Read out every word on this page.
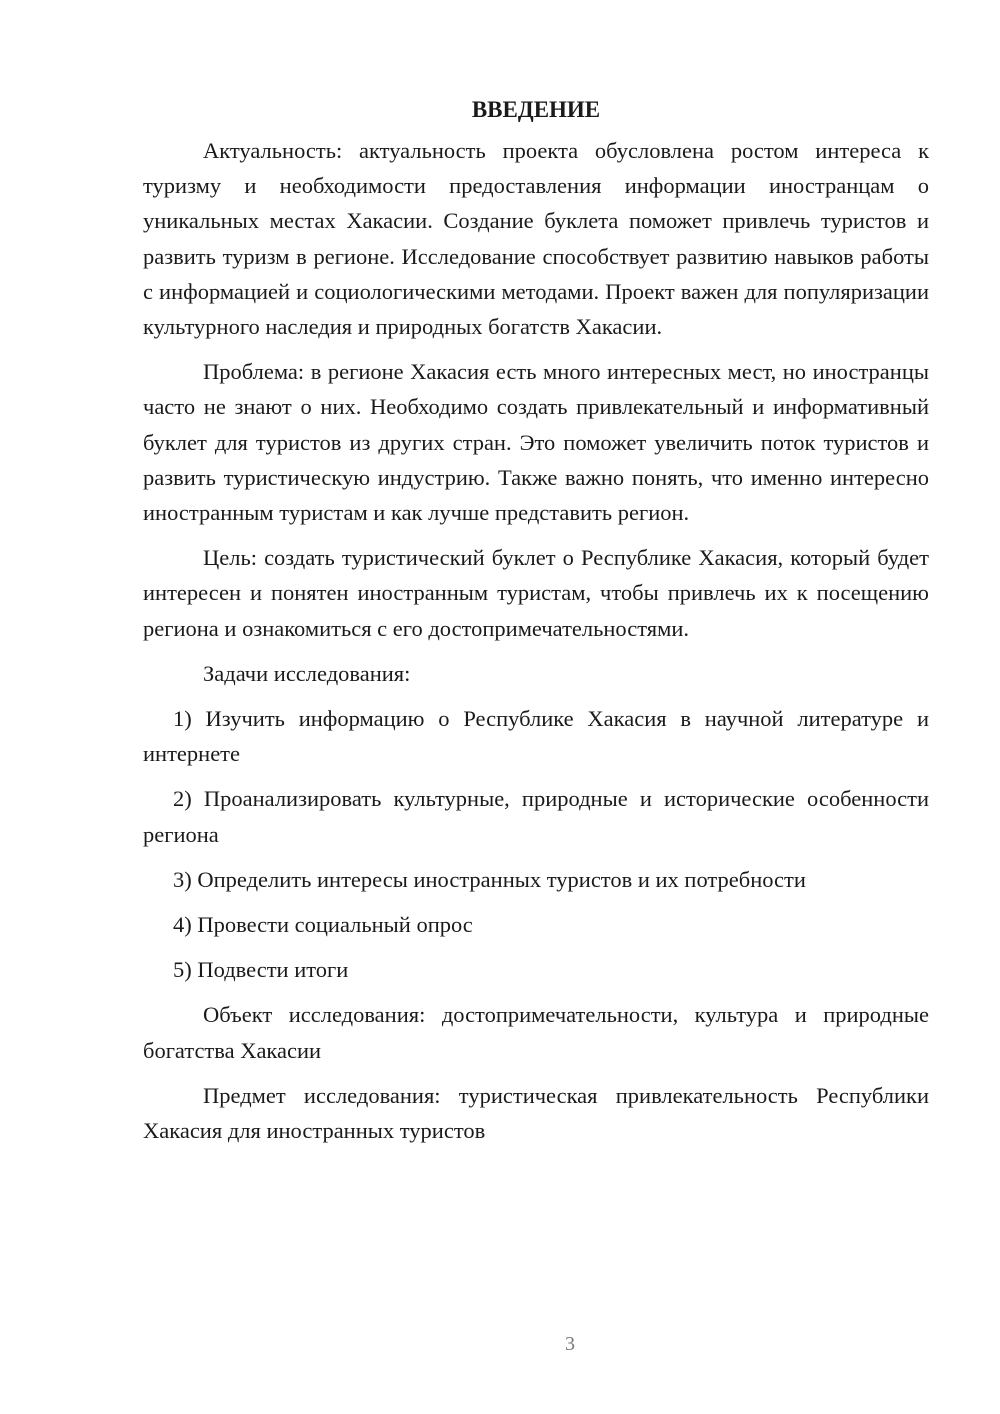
ВВЕДЕНИЕ

Актуальность: актуальность проекта обусловлена ростом интереса к туризму и необходимости предоставления информации иностранцам о уникальных местах Хакасии. Создание буклета поможет привлечь туристов и развить туризм в регионе. Исследование способствует развитию навыков работы с информацией и социологическими методами. Проект важен для популяризации культурного наследия и природных богатств Хакасии.

Проблема: в регионе Хакасия есть много интересных мест, но иностранцы часто не знают о них. Необходимо создать привлекательный и информативный буклет для туристов из других стран. Это поможет увеличить поток туристов и развить туристическую индустрию. Также важно понять, что именно интересно иностранным туристам и как лучше представить регион.

Цель: создать туристический буклет о Республике Хакасия, который будет интересен и понятен иностранным туристам, чтобы привлечь их к посещению региона и ознакомиться с его достопримечательностями.

Задачи исследования:

1) Изучить информацию о Республике Хакасия в научной литературе и интернете

2) Проанализировать культурные, природные и исторические особенности региона

3) Определить интересы иностранных туристов и их потребности

4) Провести социальный опрос

5) Подвести итоги

Объект исследования: достопримечательности, культура и природные богатства Хакасии

Предмет исследования: туристическая привлекательность Республики Хакасия для иностранных туристов

3
